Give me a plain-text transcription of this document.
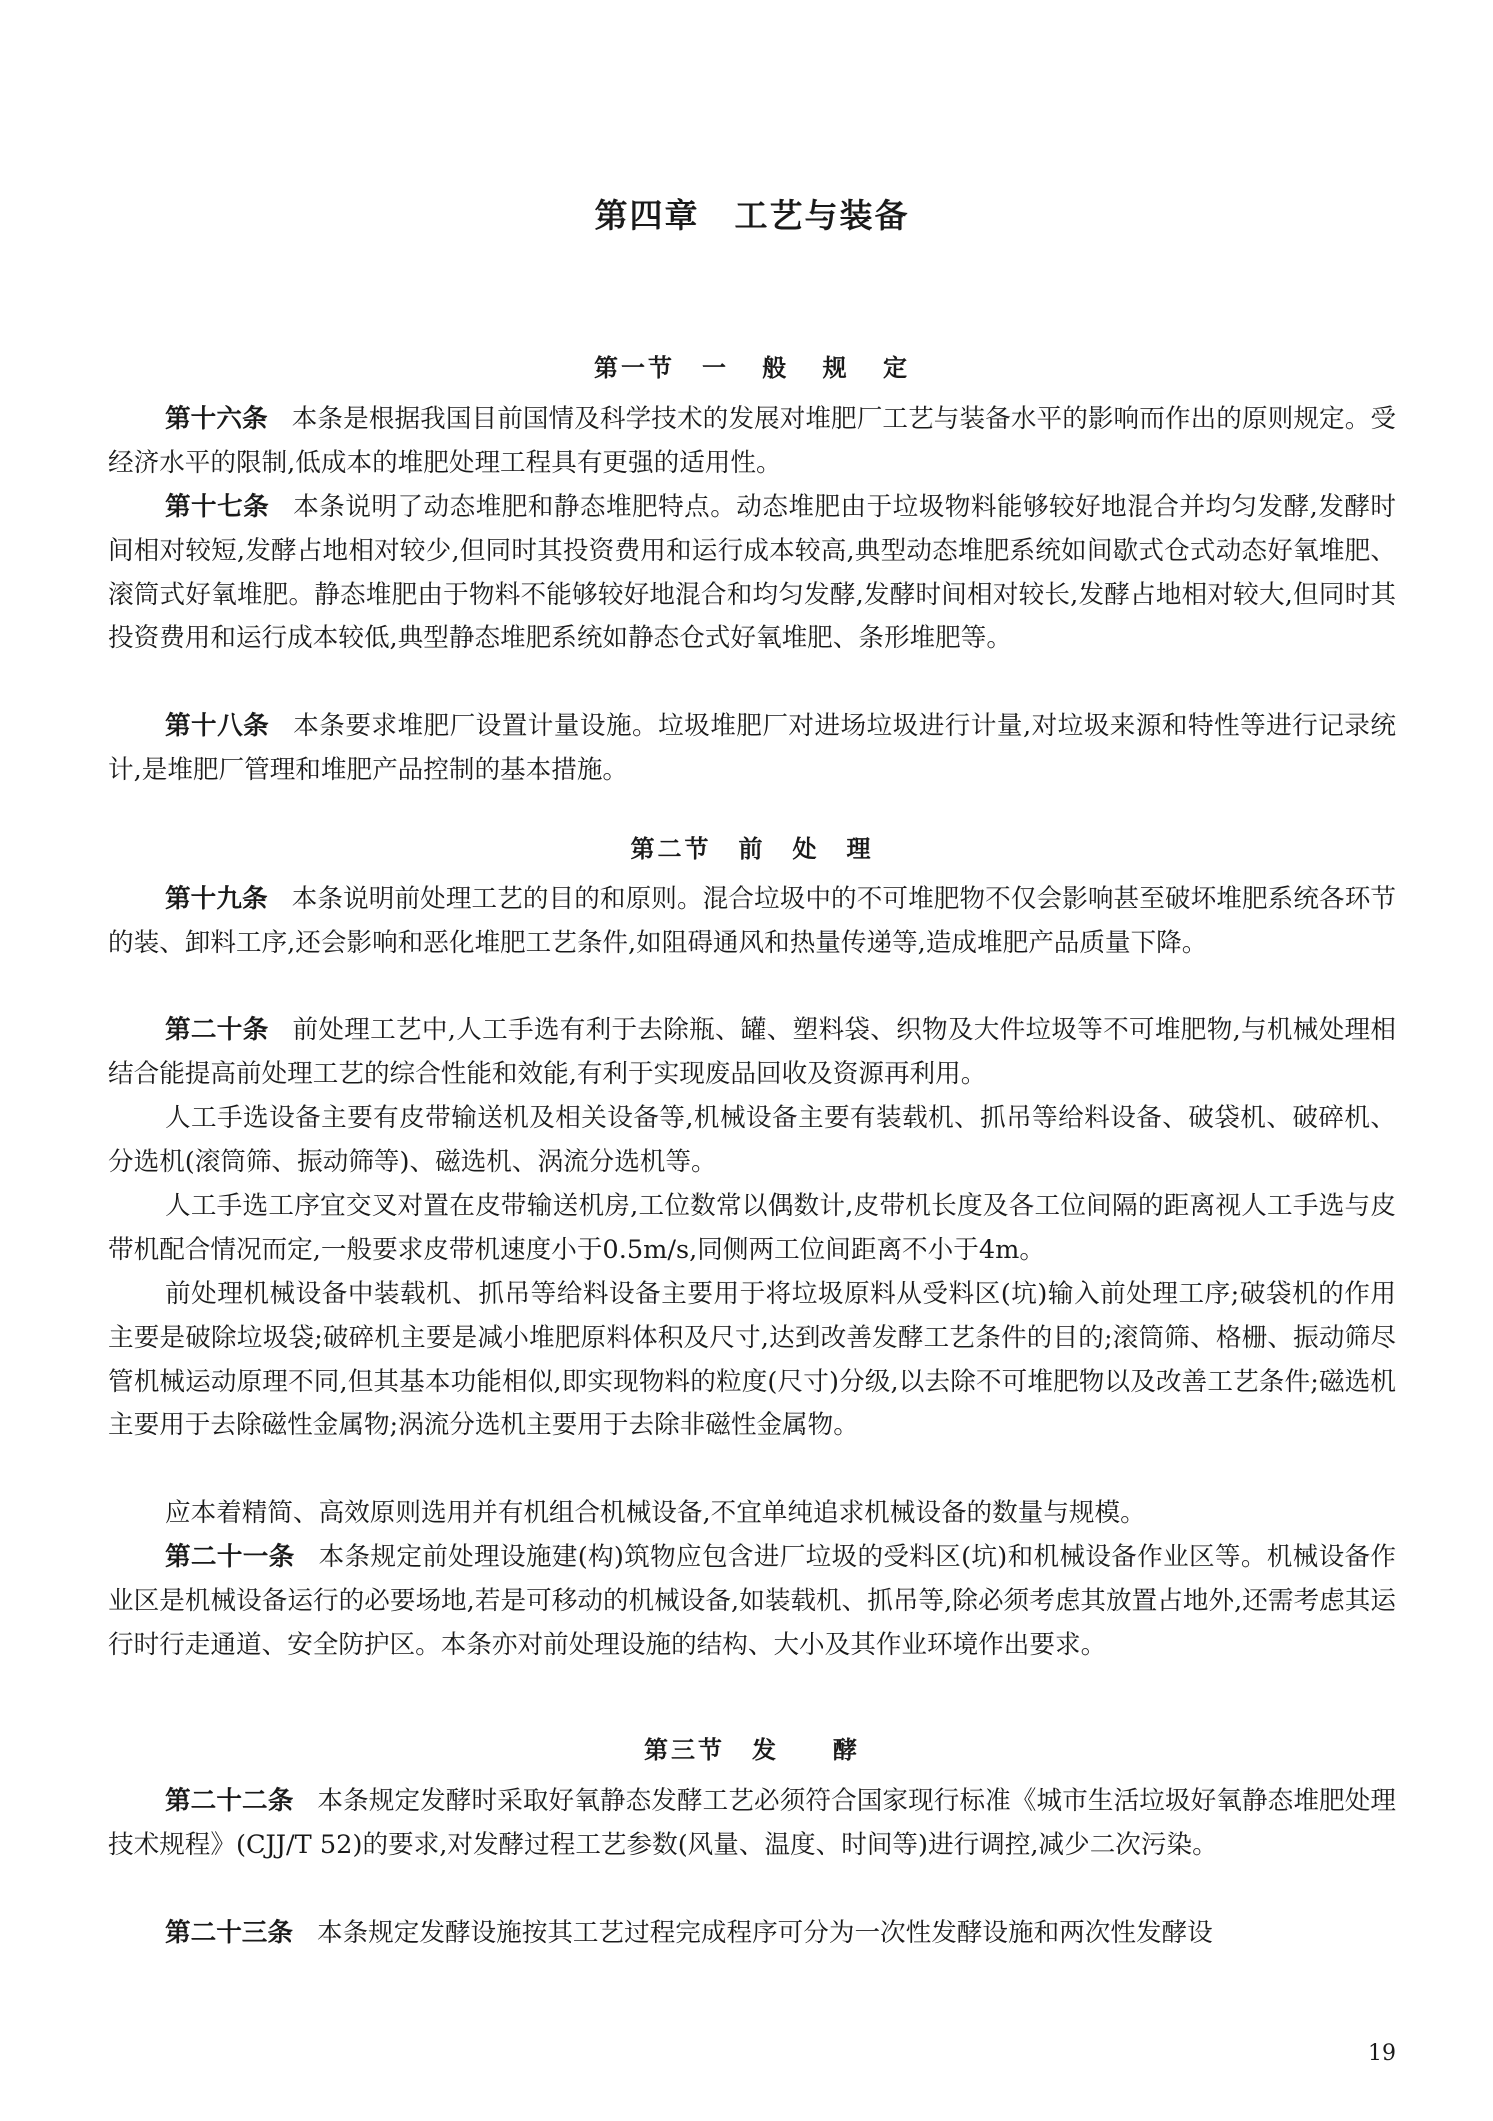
第四章　工艺与装备
第一节　一 般 规 定

第十六条 本条是根据我国目前国情及科学技术的发展对堆肥厂工艺与装备水平的影响而作出的原则规定。受经济水平的限制,低成本的堆肥处理工程具有更强的适用性。

第十七条 本条说明了动态堆肥和静态堆肥特点。动态堆肥由于垃圾物料能够较好地混合并均匀发酵,发酵时间相对较短,发酵占地相对较少,但同时其投资费用和运行成本较高,典型动态堆肥系统如间歇式仓式动态好氧堆肥、滚筒式好氧堆肥。静态堆肥由于物料不能够较好地混合和均匀发酵,发酵时间相对较长,发酵占地相对较大,但同时其投资费用和运行成本较低,典型静态堆肥系统如静态仓式好氧堆肥、条形堆肥等。

第十八条 本条要求堆肥厂设置计量设施。垃圾堆肥厂对进场垃圾进行计量,对垃圾来源和特性等进行记录统计,是堆肥厂管理和堆肥产品控制的基本措施。

第二节　前　处　理

第十九条 本条说明前处理工艺的目的和原则。混合垃圾中的不可堆肥物不仅会影响甚至破坏堆肥系统各环节的装、卸料工序,还会影响和恶化堆肥工艺条件,如阻碍通风和热量传递等,造成堆肥产品质量下降。

第二十条 前处理工艺中,人工手选有利于去除瓶、罐、塑料袋、织物及大件垃圾等不可堆肥物,与机械处理相结合能提高前处理工艺的综合性能和效能,有利于实现废品回收及资源再利用。

人工手选设备主要有皮带输送机及相关设备等,机械设备主要有装载机、抓吊等给料设备、破袋机、破碎机、分选机(滚筒筛、振动筛等)、磁选机、涡流分选机等。

人工手选工序宜交叉对置在皮带输送机房,工位数常以偶数计,皮带机长度及各工位间隔的距离视人工手选与皮带机配合情况而定,一般要求皮带机速度小于0.5m/s,同侧两工位间距离不小于4m。

前处理机械设备中装载机、抓吊等给料设备主要用于将垃圾原料从受料区(坑)输入前处理工序;破袋机的作用主要是破除垃圾袋;破碎机主要是减小堆肥原料体积及尺寸,达到改善发酵工艺条件的目的;滚筒筛、格栅、振动筛尽管机械运动原理不同,但其基本功能相似,即实现物料的粒度(尺寸)分级,以去除不可堆肥物以及改善工艺条件;磁选机主要用于去除磁性金属物;涡流分选机主要用于去除非磁性金属物。

应本着精简、高效原则选用并有机组合机械设备,不宜单纯追求机械设备的数量与规模。

第二十一条 本条规定前处理设施建(构)筑物应包含进厂垃圾的受料区(坑)和机械设备作业区等。机械设备作业区是机械设备运行的必要场地,若是可移动的机械设备,如装载机、抓吊等,除必须考虑其放置占地外,还需考虑其运行时行走通道、安全防护区。本条亦对前处理设施的结构、大小及其作业环境作出要求。

第三节　发　　酵

第二十二条 本条规定发酵时采取好氧静态发酵工艺必须符合国家现行标准《城市生活垃圾好氧静态堆肥处理技术规程》(CJJ/T 52)的要求,对发酵过程工艺参数(风量、温度、时间等)进行调控,减少二次污染。

第二十三条 本条规定发酵设施按其工艺过程完成程序可分为一次性发酵设施和两次性发酵设

19
